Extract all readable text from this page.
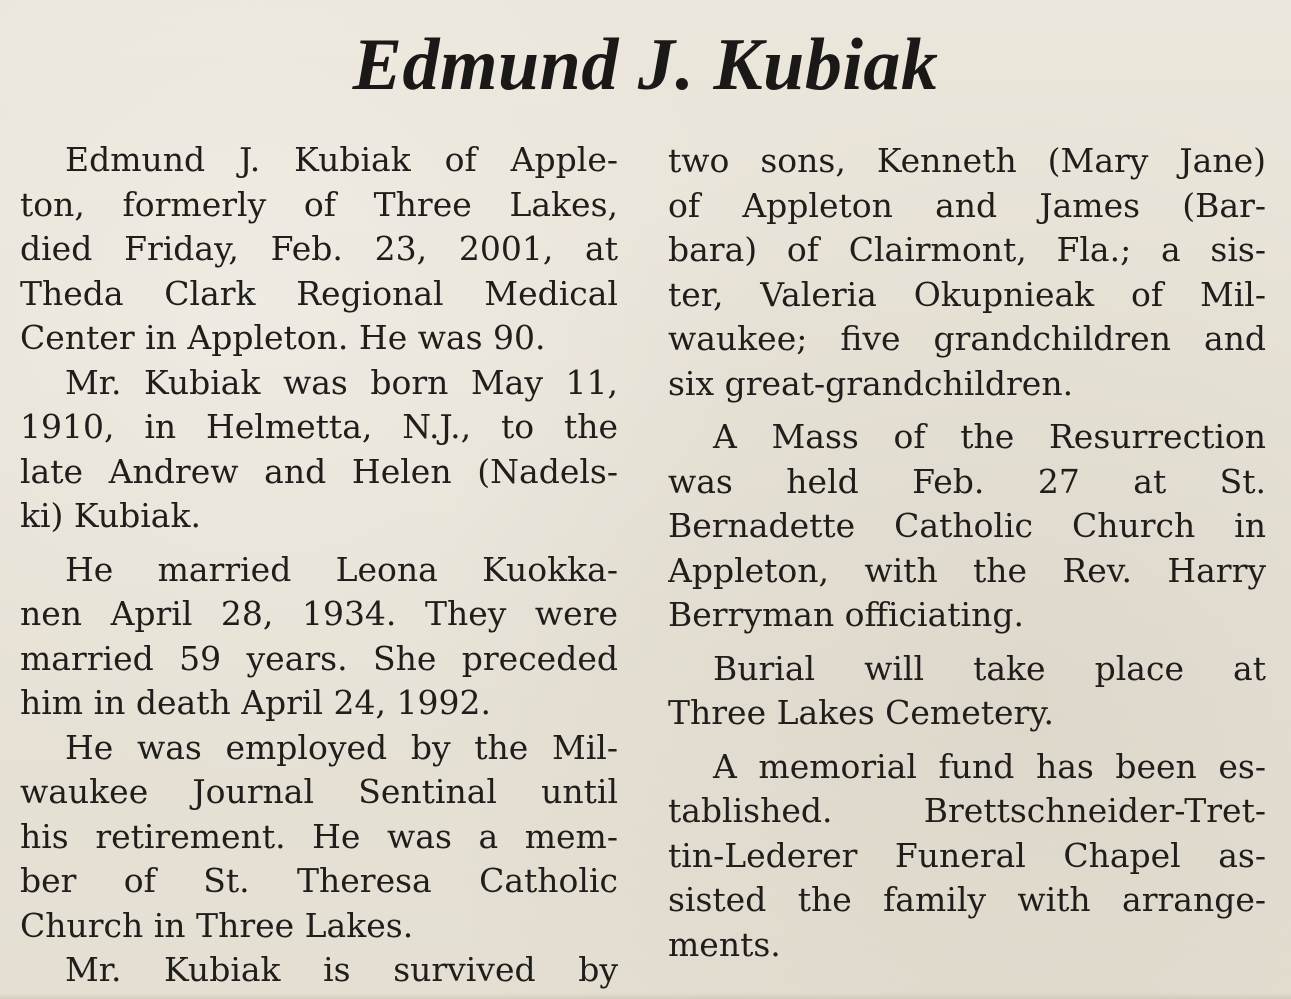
Edmund J. Kubiak
Edmund J. Kubiak of Apple-
ton, formerly of Three Lakes,
died Friday, Feb. 23, 2001, at
Theda Clark Regional Medical
Center in Appleton. He was 90.
Mr. Kubiak was born May 11,
1910, in Helmetta, N.J., to the
late Andrew and Helen (Nadels-
ki) Kubiak.
He married Leona Kuokka-
nen April 28, 1934. They were
married 59 years. She preceded
him in death April 24, 1992.
He was employed by the Mil-
waukee Journal Sentinal until
his retirement. He was a mem-
ber of St. Theresa Catholic
Church in Three Lakes.
Mr. Kubiak is survived by
two sons, Kenneth (Mary Jane)
of Appleton and James (Bar-
bara) of Clairmont, Fla.; a sis-
ter, Valeria Okupnieak of Mil-
waukee; five grandchildren and
six great-grandchildren.
A Mass of the Resurrection
was held Feb. 27 at St.
Bernadette Catholic Church in
Appleton, with the Rev. Harry
Berryman officiating.
Burial will take place at
Three Lakes Cemetery.
A memorial fund has been es-
tablished. Brettschneider-Tret-
tin-Lederer Funeral Chapel as-
sisted the family with arrange-
ments.
